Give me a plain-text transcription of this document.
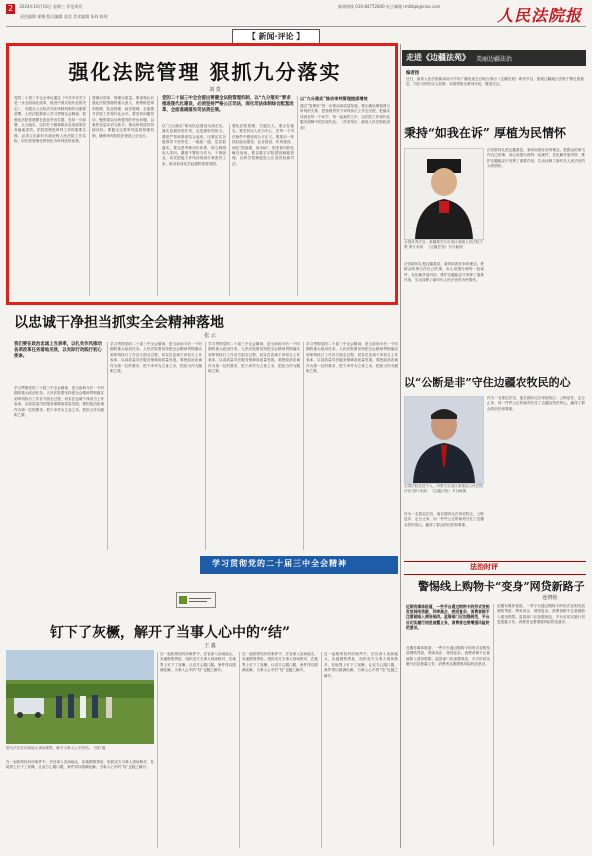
2 2024年10月16日 星期三 评论周刊
责任编辑 崔梅 版式编辑 张浩 美术编辑 朱林 陈琼
新闻热线 010-84772840 电子邮箱 rmfzbpl@sina.com	人民法院报
【 新闻·评论 】
强化法院管理 狠抓九分落实
刘 莫
党的二十届三中全会审议通过《中共中央关于进一步全面深化改革、推进中国式现代化的决定》，对健全公正执法司法体制机制作出重要部署。人民法院要深入学习贯彻全会精神，把强化法院管理摆在更加突出位置，坚持一分部署、九分落实，以钉钉子精神推动各项改革任务落地见效。法院管理是审判工作的重要支撑，必须立足新时代新征程人民法院工作实际，切实把管理优势转化为审判质效优势。
管理出效率，管理出质量。要深刻认识强化法院管理的重大意义，统筹推进审判管理、队伍管理、政务管理，全面提升法院工作现代化水平。要坚持问题导向，聚焦群众反映强烈的突出问题，以案件质量评估为抓手，推动审判质效持续向好。要健全完善审判监督管理机制，确保审判权依法规范公正运行。
党的二十届三中全会提出要健全法院管理机制，以“九分落实”要求推进现代化建设，必须坚持严格公正司法，深化司法体制综合配套改革，全面准确落实司法责任制。
以“九分落实”推动队伍建设走深走实。落实是最好的作风，也是最好的担当。要把严管和厚爱结合起来，压紧压实各级领导干部责任，一级抓一级、层层抓落实。要完善考核评价体系，树立鲜明用人导向，激励干警担当作为、干事创业，切实把能力作风体现到办案质效上来，推动形成比学赶超的浓厚氛围。
强化法院管理，关键在人，重点在落实。要坚持以人民为中心，在每一个司法案件中感受到公平正义。要推动一体抓好政治建设、业务建设、作风建设，深化“抓前端、治未病”，把矛盾纠纷化解在诉前。要以数字法院建设赋能管理，以科学管理促进公正高效权威司法。
以“九分落实”推动审判管理提质增效
通过“管理好”进一步推动高质量发展。要正确处理管理与审判的关系，把管理贯穿于审判执行工作全过程，把落实体现在每一个环节、每一起案件之中，以法院工作现代化服务保障中国式现代化。（作者单位：最高人民法院政治部）
走进《边疆法苑》 美丽边疆法治
编者按
近日，最高人民法院新闻局与中央广播电视总台联合推出《边疆法苑》系列节目，展现边疆地区法院干警扎根基层、司法为民的动人故事。本报特推出系列评论，敬请关注。
秉持“如我在诉” 厚植为民情怀
全国优秀法官、新疆维吾尔自治区高级人民法院干警 图片来源：《边疆法苑》节目截图
法官群体扎根边疆基层，秉持如我在诉的理念，把群众的事当作自己的事，用心用情办理每一起案件，在化解矛盾纠纷、维护边疆稳定中发挥了重要作用，生动诠释了新时代人民法官的为民情怀。
法官群体扎根边疆基层，秉持如我在诉的理念，把群众的事当作自己的事，用心用情办理每一起案件，在化解矛盾纠纷、维护边疆稳定中发挥了重要作用，生动诠释了新时代人民法官的为民情怀。
以“公断是非”守住边疆农牧民的心
全国法院先进个人、内蒙古自治区某基层人民法院法官 图片来源：《边疆法苑》节目截图
作为一名基层法官，他长期奔走在草原牧区，公断是非、定分止争，用一件件公正的裁判守住了边疆农牧民的心，赢得了群众的信任和尊重。
作为一名基层法官，他长期奔走在草原牧区，公断是非、定分止争，用一件件公正的裁判守住了边疆农牧民的心，赢得了群众的信任和尊重。
法治时评
警惕线上购物卡“变身”网贷新路子
连晓艳
近期有媒体报道，一些平台通过购物卡的形式变相发放网络贷款，利率高企、规则复杂，消费者稍不注意就陷入债务陷阱。监管部门应加强规范，平台应切实履行信息披露义务，消费者也要增强风险防范意识。
近期有媒体报道，一些平台通过购物卡的形式变相发放网络贷款，利率高企、规则复杂，消费者稍不注意就陷入债务陷阱。监管部门应加强规范，平台应切实履行信息披露义务，消费者也要增强风险防范意识。
近期有媒体报道，一些平台通过购物卡的形式变相发放网络贷款，利率高企、规则复杂，消费者稍不注意就陷入债务陷阱。监管部门应加强规范，平台应切实履行信息披露义务，消费者也要增强风险防范意识。
以忠诚干净担当抓实全会精神落地
张 云
我们要在政治忠诚上当表率，以扎实作风推动各项改革任务落地见效，以实际行动践行初心使命。
学习贯彻党的二十届三中全会精神，是当前和今后一个时期的重大政治任务。人民法院要坚持把全会精神贯彻落实到审判执行工作各方面全过程，切实在忠诚干净担当上作表率，以高质量司法服务保障高质量发展。要把政治忠诚作为第一位的要求，把干净作为立身之本，把担当作为履职之要。
学习贯彻党的二十届三中全会精神，是当前和今后一个时期的重大政治任务。人民法院要坚持把全会精神贯彻落实到审判执行工作各方面全过程，切实在忠诚干净担当上作表率，以高质量司法服务保障高质量发展。要把政治忠诚作为第一位的要求，把干净作为立身之本，把担当作为履职之要。
学习贯彻党的二十届三中全会精神，是当前和今后一个时期的重大政治任务。人民法院要坚持把全会精神贯彻落实到审判执行工作各方面全过程，切实在忠诚干净担当上作表率，以高质量司法服务保障高质量发展。要把政治忠诚作为第一位的要求，把干净作为立身之本，把担当作为履职之要。
学习贯彻党的二十届三中全会精神，是当前和今后一个时期的重大政治任务。人民法院要坚持把全会精神贯彻落实到审判执行工作各方面全过程，切实在忠诚干净担当上作表率，以高质量司法服务保障高质量发展。要把政治忠诚作为第一位的要求，把干净作为立身之本，把担当作为履职之要。
学习贯彻党的二十届三中全会精神
钉下了灰橛，解开了当事人心中的“结”
王 鑫
图为法官在田间地头现场勘察，解开当事人心中的结。 吕阳 摄
在一起相邻权纠纷案件中，法官深入田间地头，实地勘察界址，组织双方当事人现场核对，在地界上钉下了灰橛，让双方心服口服，案件得以圆满化解，当事人心中的“结”也随之解开。
在一起相邻权纠纷案件中，法官深入田间地头，实地勘察界址，组织双方当事人现场核对，在地界上钉下了灰橛，让双方心服口服，案件得以圆满化解，当事人心中的“结”也随之解开。
在一起相邻权纠纷案件中，法官深入田间地头，实地勘察界址，组织双方当事人现场核对，在地界上钉下了灰橛，让双方心服口服，案件得以圆满化解，当事人心中的“结”也随之解开。
在一起相邻权纠纷案件中，法官深入田间地头，实地勘察界址，组织双方当事人现场核对，在地界上钉下了灰橛，让双方心服口服，案件得以圆满化解，当事人心中的“结”也随之解开。
